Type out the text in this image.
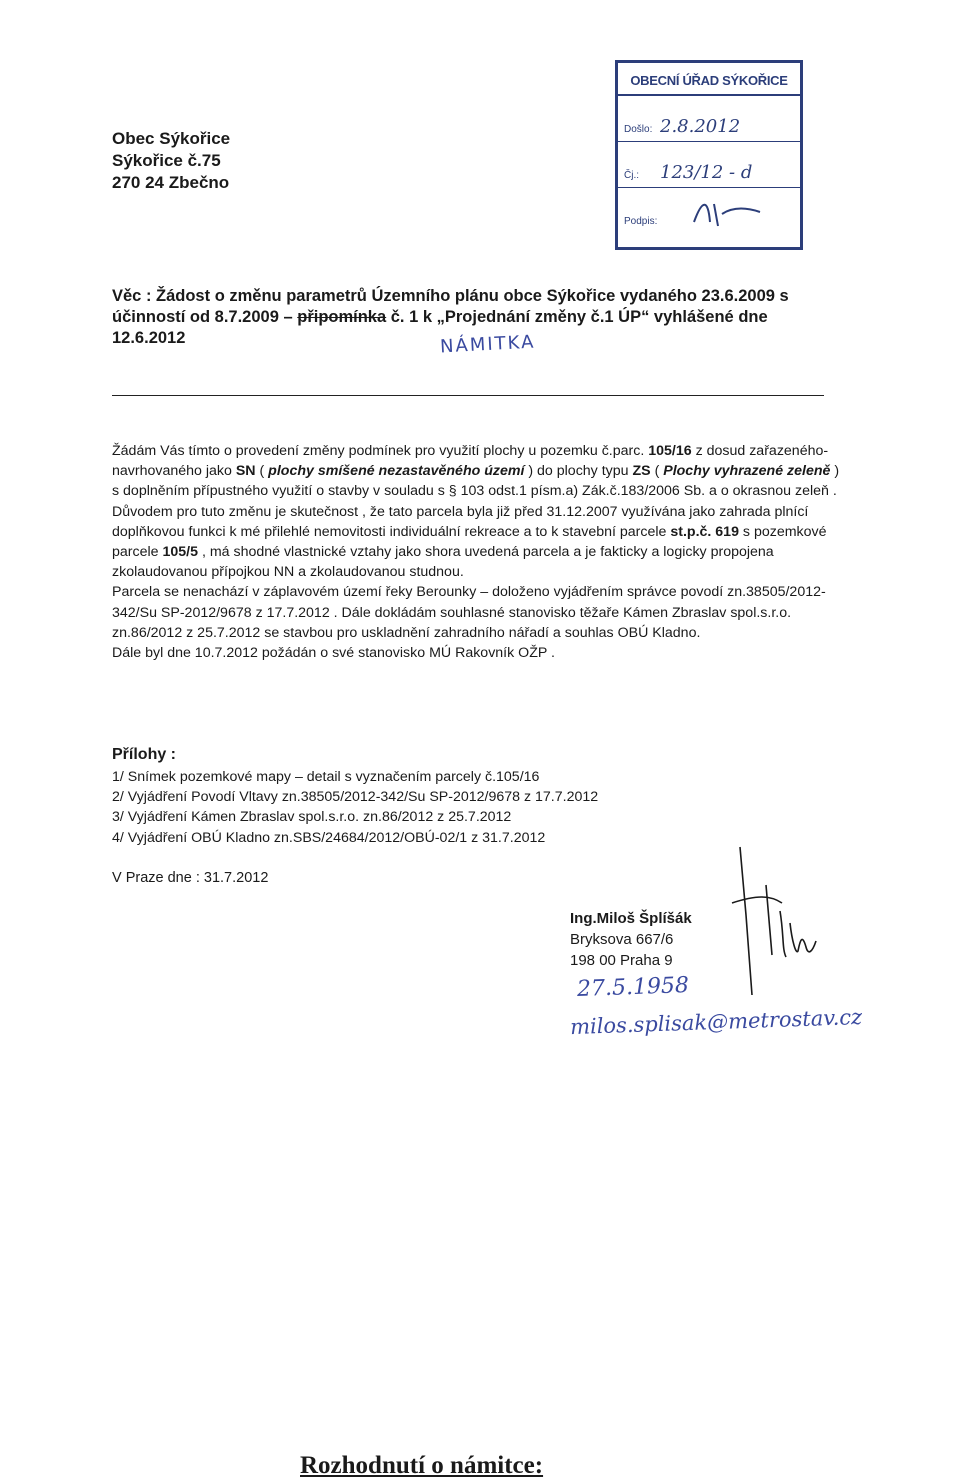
Obec Sýkořice
Sýkořice č.75
270 24 Zbečno
OBECNÍ ÚŘAD SÝKOŘICE
Došlo: 2.8.2012
Čj.: 123/12 - d
Podpis:
Věc : Žádost o změnu parametrů Územního plánu obce Sýkořice vydaného 23.6.2009 s účinností od 8.7.2009 – připomínka č. 1 k „Projednání změny č.1 ÚP“ vyhlášené dne 12.6.2012	NÁMITKA

Žádám Vás tímto o provedení změny podmínek pro využití plochy u pozemku č.parc. 105/16 z dosud zařazeného- navrhovaného jako SN ( plochy smíšené nezastavěného území ) do plochy typu ZS ( Plochy vyhrazené zeleně ) s doplněním přípustného využití o stavby v souladu s § 103 odst.1 písm.a) Zák.č.183/2006 Sb. a o okrasnou zeleň .

Důvodem pro tuto změnu je skutečnost , že tato parcela byla již před 31.12.2007 využívána jako zahrada plnící doplňkovou funkci k mé přilehlé nemovitosti individuální rekreace a to k stavební parcele st.p.č. 619 s pozemkové parcele 105/5 , má shodné vlastnické vztahy jako shora uvedená parcela a je fakticky a logicky propojena zkolaudovanou přípojkou NN a zkolaudovanou studnou.

Parcela se nenachází v záplavovém území řeky Berounky – doloženo vyjádřením správce povodí zn.38505/2012-342/Su SP-2012/9678 z 17.7.2012 . Dále dokládám souhlasné stanovisko těžaře Kámen Zbraslav spol.s.r.o. zn.86/2012 z 25.7.2012 se stavbou pro uskladnění zahradního nářadí a souhlas OBÚ Kladno.

Dále byl dne 10.7.2012 požádán o své stanovisko MÚ Rakovník OŽP .

Přílohy :
1/ Snímek pozemkové mapy – detail s vyznačením parcely č.105/16
2/ Vyjádření Povodí Vltavy zn.38505/2012-342/Su SP-2012/9678 z 17.7.2012
3/ Vyjádření Kámen Zbraslav spol.s.r.o. zn.86/2012 z 25.7.2012
4/ Vyjádření OBÚ Kladno zn.SBS/24684/2012/OBÚ-02/1 z 31.7.2012
V Praze dne : 31.7.2012
Ing.Miloš Šplíšák
Bryksova 667/6
198 00 Praha 9
27.5.1958
milos.splisak@metrostav.cz
Rozhodnutí o námitce:
